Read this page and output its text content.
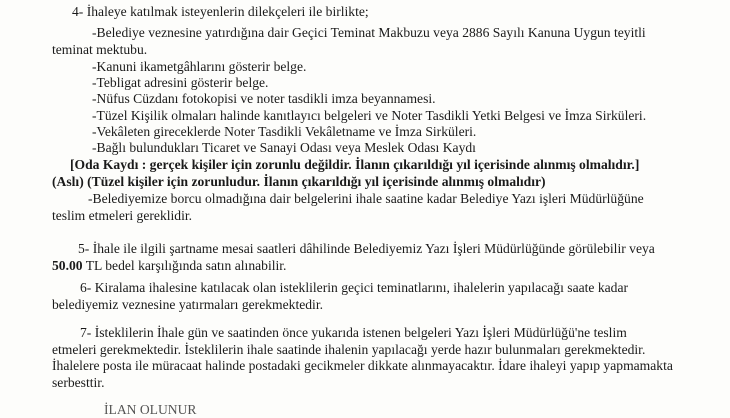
4- İhaleye katılmak isteyenlerin dilekçeleri ile birlikte;
-Belediye veznesine yatırdığına dair Geçici Teminat Makbuzu veya 2886 Sayılı Kanuna Uygun teyitli
teminat mektubu.
-Kanuni ikametgâhlarını gösterir belge.
-Tebligat adresini gösterir belge.
-Nüfus Cüzdanı fotokopisi ve noter tasdikli imza beyannamesi.
-Tüzel Kişilik olmaları halinde kanıtlayıcı belgeleri ve Noter Tasdikli Yetki Belgesi ve İmza Sirküleri.
-Vekâleten gireceklerde Noter Tasdikli Vekâletname ve İmza Sirküleri.
-Bağlı bulundukları Ticaret ve Sanayi Odası veya Meslek Odası Kaydı
[Oda Kaydı : gerçek kişiler için zorunlu değildir. İlanın çıkarıldığı yıl içerisinde alınmış olmalıdır.]
(Aslı) (Tüzel kişiler için zorunludur. İlanın çıkarıldığı yıl içerisinde alınmış olmalıdır)
-Belediyemize borcu olmadığına dair belgelerini ihale saatine kadar Belediye Yazı işleri Müdürlüğüne
teslim etmeleri gereklidir.
5- İhale ile ilgili şartname mesai saatleri dâhilinde Belediyemiz Yazı İşleri Müdürlüğünde görülebilir veya
50.00 TL bedel karşılığında satın alınabilir.
6- Kiralama ihalesine katılacak olan isteklilerin geçici teminatlarını, ihalelerin yapılacağı saate kadar
belediyemiz veznesine yatırmaları gerekmektedir.
7- İsteklilerin İhale gün ve saatinden önce yukarıda istenen belgeleri Yazı İşleri Müdürlüğü'ne teslim
etmeleri gerekmektedir. İsteklilerin ihale saatinde ihalenin yapılacağı yerde hazır bulunmaları gerekmektedir.
İhalelere posta ile müracaat halinde postadaki gecikmeler dikkate alınmayacaktır. İdare ihaleyi yapıp yapmamakta
serbesttir.
İLAN OLUNUR
